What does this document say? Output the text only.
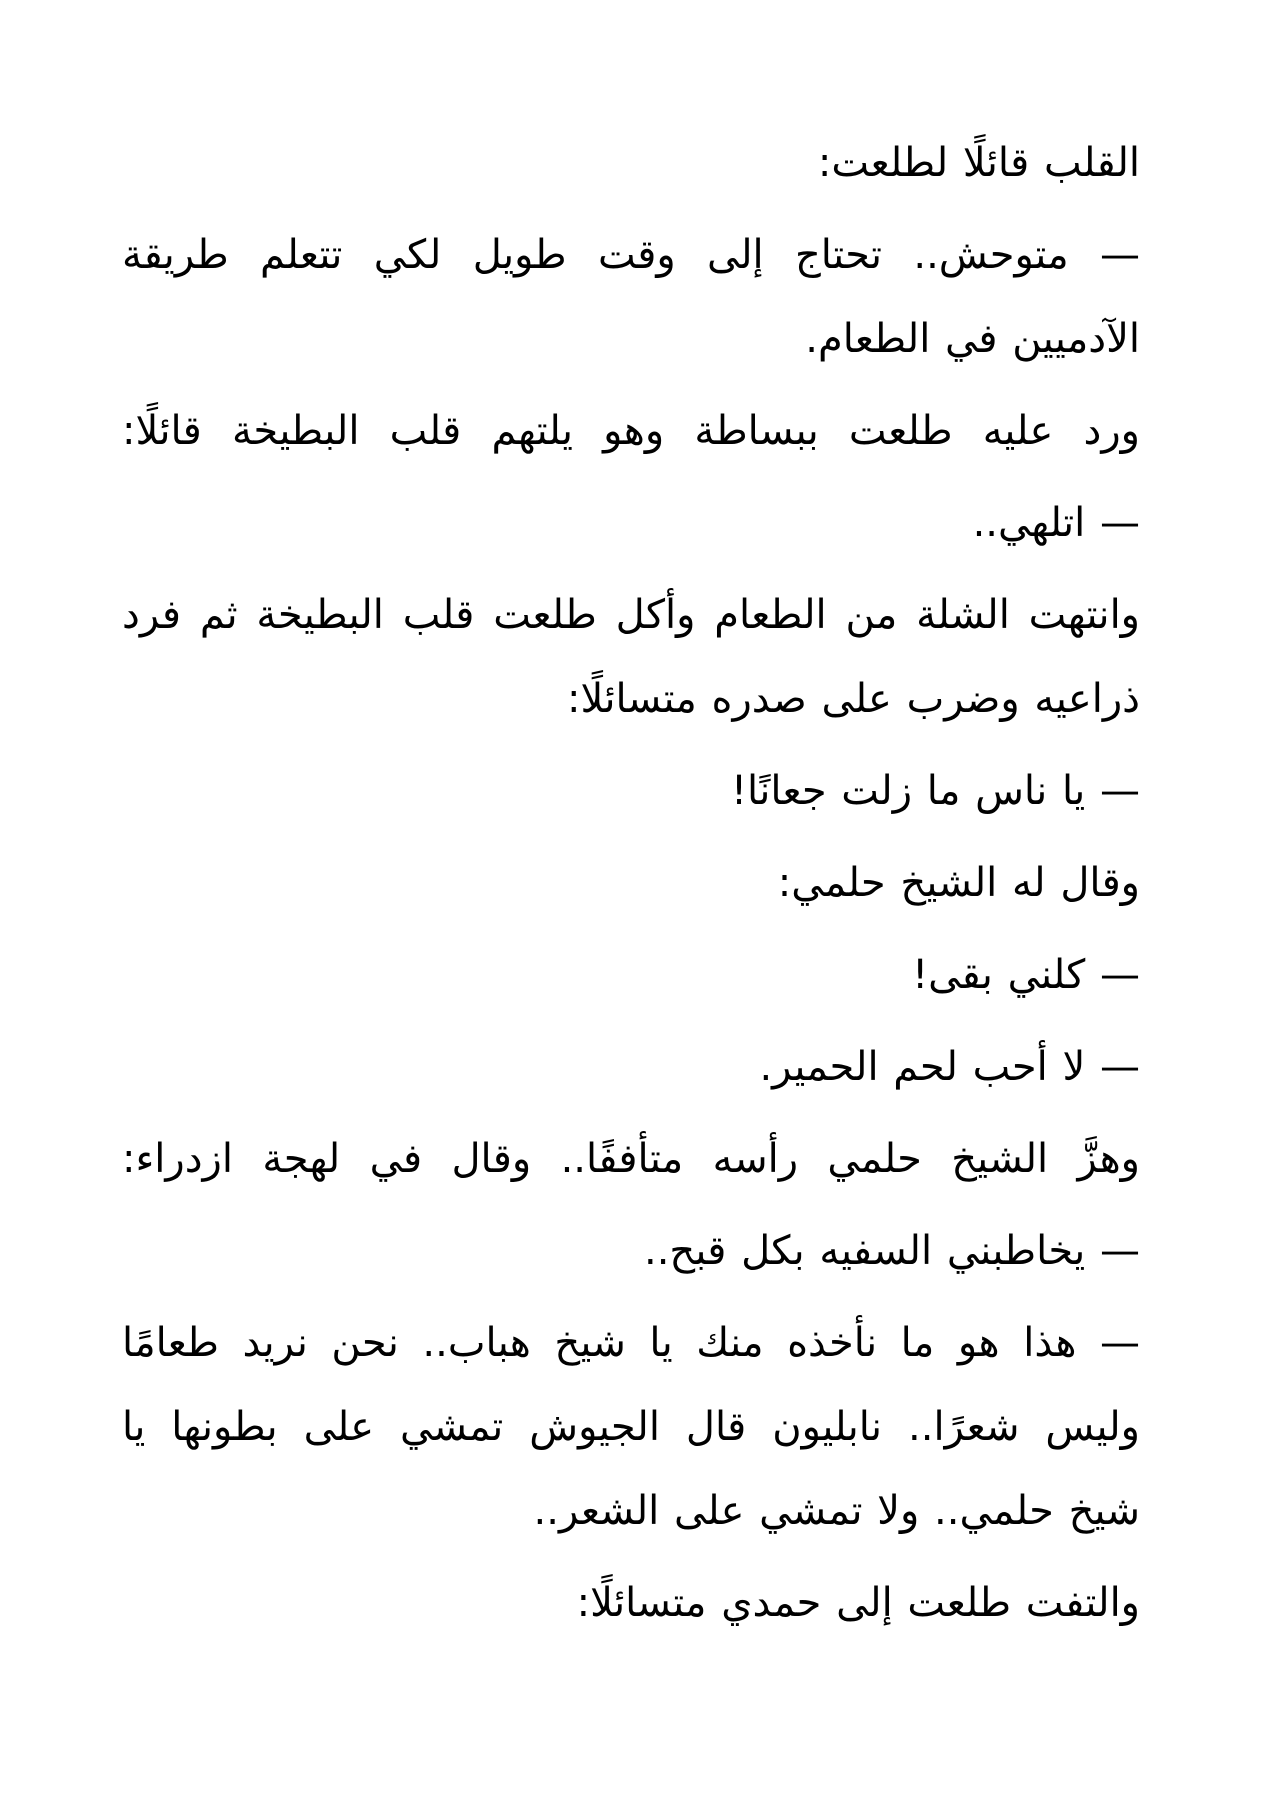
القلب قائلًا لطلعت:
— متوحش.. تحتاج إلى وقت طويل لكي تتعلم طريقة
الآدميين في الطعام.
ورد عليه طلعت ببساطة وهو يلتهم قلب البطيخة قائلًا:
— اتلهي..
وانتهت الشلة من الطعام وأكل طلعت قلب البطيخة ثم فرد
ذراعيه وضرب على صدره متسائلًا:
— يا ناس ما زلت جعانًا!
وقال له الشيخ حلمي:
— كلني بقى!
— لا أحب لحم الحمير.
وهزَّ الشيخ حلمي رأسه متأففًا.. وقال في لهجة ازدراء:
— يخاطبني السفيه بكل قبح..
— هذا هو ما نأخذه منك يا شيخ هباب.. نحن نريد طعامًا
وليس شعرًا.. نابليون قال الجيوش تمشي على بطونها يا
شيخ حلمي.. ولا تمشي على الشعر..
والتفت طلعت إلى حمدي متسائلًا:
